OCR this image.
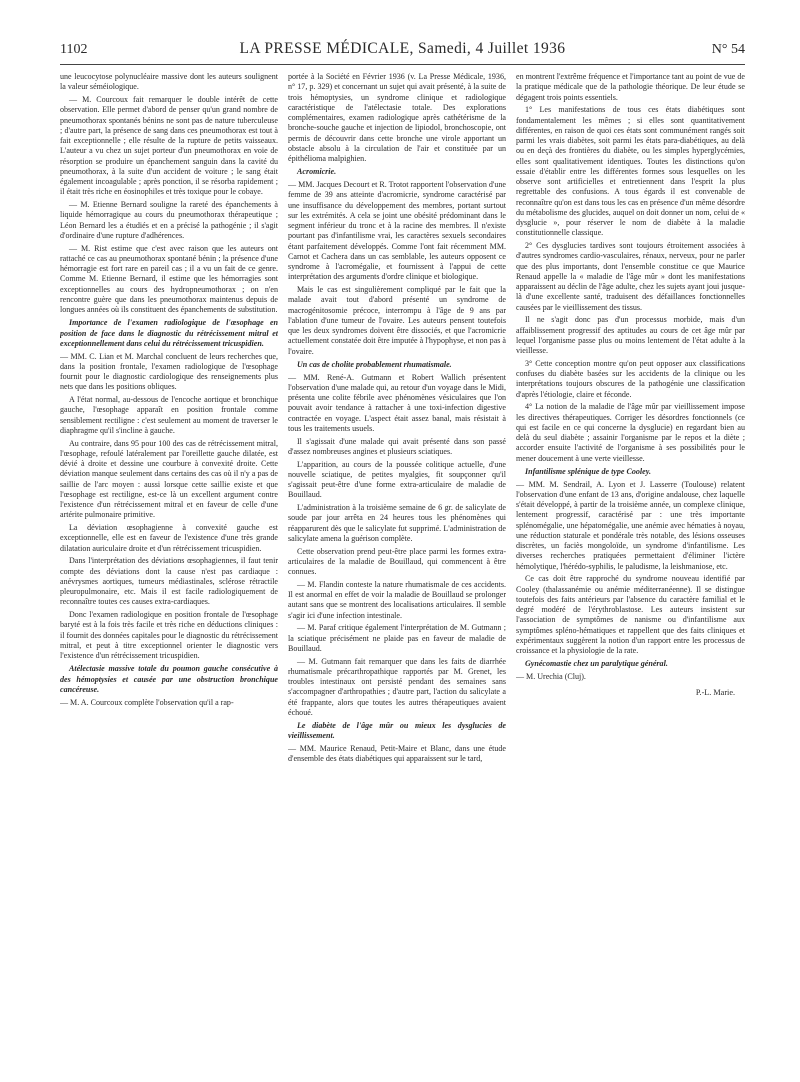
1102	LA PRESSE MÉDICALE, Samedi, 4 Juillet 1936	N° 54

une leucocytose polynucléaire massive dont les auteurs soulignent la valeur séméiologique.

— M. Courcoux fait remarquer le double intérêt de cette observation. Elle permet d'abord de penser qu'un grand nombre de pneumothorax spontanés bénins ne sont pas de nature tuberculeuse ; d'autre part, la présence de sang dans ces pneumothorax est tout à fait exceptionnelle ; elle résulte de la rupture de petits vaisseaux. L'auteur a vu chez un sujet porteur d'un pneumothorax en voie de résorption se produire un épanchement sanguin dans la cavité du pneumothorax, à la suite d'un accident de voiture ; le sang était également incoagulable ; après ponction, il se résorba rapidement ; il était très riche en éosinophiles et très toxique pour le cobaye.

— M. Etienne Bernard souligne la rareté des épanchements à liquide hémorragique au cours du pneumothorax thérapeutique ; Léon Bernard les a étudiés et en a précisé la pathogénie ; il s'agit d'ordinaire d'une rupture d'adhérences.

— M. Rist estime que c'est avec raison que les auteurs ont rattaché ce cas au pneumothorax spontané bénin ; la présence d'une hémorragie est fort rare en pareil cas ; il a vu un fait de ce genre. Comme M. Etienne Bernard, il estime que les hémorragies sont exceptionnelles au cours des hydropneumothorax ; on n'en rencontre guère que dans les pneumothorax maintenus depuis de longues années où ils constituent des épanchements de substitution.

Importance de l'examen radiologique de l'œsophage en position de face dans le diagnostic du rétrécissement mitral et exceptionnellement dans celui du rétrécissement tricuspidien.

— MM. C. Lian et M. Marchal concluent de leurs recherches que, dans la position frontale, l'examen radiologique de l'œsophage fournit pour le diagnostic cardiologique des renseignements plus nets que dans les positions obliques.

A l'état normal, au-dessous de l'encoche aortique et bronchique gauche, l'œsophage apparaît en position frontale comme sensiblement rectiligne : c'est seulement au moment de traverser le diaphragme qu'il s'incline à gauche.

Au contraire, dans 95 pour 100 des cas de rétrécissement mitral, l'œsophage, refoulé latéralement par l'oreillette gauche dilatée, est dévié à droite et dessine une courbure à convexité droite. Cette déviation manque seulement dans certains des cas où il n'y a pas de saillie de l'arc moyen : aussi lorsque cette saillie existe et que l'œsophage est rectiligne, est-ce là un excellent argument contre l'existence d'un rétrécissement mitral et en faveur de celle d'une artérite pulmonaire primitive.

La déviation œsophagienne à convexité gauche est exceptionnelle, elle est en faveur de l'existence d'une très grande dilatation auriculaire droite et d'un rétrécissement tricuspidien.

Dans l'interprétation des déviations œsophagiennes, il faut tenir compte des déviations dont la cause n'est pas cardiaque : anévrysmes aortiques, tumeurs médiastinales, sclérose rétractile pleuropulmonaire, etc. Mais il est facile radiologiquement de reconnaître toutes ces causes extra-cardiaques.

Donc l'examen radiologique en position frontale de l'œsophage baryté est à la fois très facile et très riche en déductions cliniques : il fournit des données capitales pour le diagnostic du rétrécissement mitral, et peut à titre exceptionnel orienter le diagnostic vers l'existence d'un rétrécissement tricuspidien.

Atélectasie massive totale du poumon gauche consécutive à des hémoptysies et causée par une obstruction bronchique cancéreuse.

— M. A. Courcoux complète l'observation qu'il a rap-

portée à la Société en Février 1936 (v. La Presse Médicale, 1936, n° 17, p. 329) et concernant un sujet qui avait présenté, à la suite de trois hémoptysies, un syndrome clinique et radiologique caractéristique de l'atélectasie totale. Des explorations complémentaires, examen radiologique après cathétérisme de la bronche-souche gauche et injection de lipiodol, bronchoscopie, ont permis de découvrir dans cette bronche une virole apportant un obstacle absolu à la circulation de l'air et constituée par un épithélioma malpighien.

Acromicrie.

— MM. Jacques Decourt et R. Trotot rapportent l'observation d'une femme de 39 ans atteinte d'acromicrie, syndrome caractérisé par une insuffisance du développement des membres, portant surtout sur les extrémités. A cela se joint une obésité prédominant dans le segment inférieur du tronc et à la racine des membres. Il n'existe pourtant pas d'infantilisme vrai, les caractères sexuels secondaires étant parfaitement développés. Comme l'ont fait récemment MM. Carnot et Cachera dans un cas semblable, les auteurs opposent ce syndrome à l'acromégalie, et fournissent à l'appui de cette interprétation des arguments d'ordre clinique et biologique.

Mais le cas est singulièrement compliqué par le fait que la malade avait tout d'abord présenté un syndrome de macrogénitosomie précoce, interrompu à l'âge de 9 ans par l'ablation d'une tumeur de l'ovaire. Les auteurs pensent toutefois que les deux syndromes doivent être dissociés, et que l'acromicrie actuellement constatée doit être imputée à l'hypophyse, et non pas à l'ovaire.

Un cas de cholite probablement rhumatismale.

— MM. René-A. Gutmann et Robert Wallich présentent l'observation d'une malade qui, au retour d'un voyage dans le Midi, présenta une colite fébrile avec phénomènes vésiculaires que l'on pouvait avoir tendance à rattacher à une toxi-infection digestive contractée en voyage. L'aspect était assez banal, mais résistait à tous les traitements usuels.

Il s'agissait d'une malade qui avait présenté dans son passé d'assez nombreuses angines et plusieurs sciatiques.

L'apparition, au cours de la poussée colitique actuelle, d'une nouvelle sciatique, de petites myalgies, fit soupçonner qu'il s'agissait peut-être d'une forme extra-articulaire de maladie de Bouillaud.

L'administration à la troisième semaine de 6 gr. de salicylate de soude par jour arrêta en 24 heures tous les phénomènes qui réapparurent dès que le salicylate fut supprimé. L'administration de salicylate amena la guérison complète.

Cette observation prend peut-être place parmi les formes extra-articulaires de la maladie de Bouillaud, qui commencent à être connues.

— M. Flandin conteste la nature rhumatismale de ces accidents. Il est anormal en effet de voir la maladie de Bouillaud se prolonger autant sans que se montrent des localisations articulaires. Il semble s'agir ici d'une infection intestinale.

— M. Paraf critique également l'interprétation de M. Gutmann ; la sciatique précisément ne plaide pas en faveur de maladie de Bouillaud.

— M. Gutmann fait remarquer que dans les faits de diarrhée rhumatismale précarthropathique rapportés par M. Grenet, les troubles intestinaux ont persisté pendant des semaines sans s'accompagner d'arthropathies ; d'autre part, l'action du salicylate a été frappante, alors que toutes les autres thérapeutiques avaient échoué.

Le diabète de l'âge mûr ou mieux les dysglucies de vieillissement.

— MM. Maurice Renaud, Petit-Maire et Blanc, dans une étude d'ensemble des états diabétiques qui apparaissent sur le tard,

en montrent l'extrême fréquence et l'importance tant au point de vue de la pratique médicale que de la pathologie théorique. De leur étude se dégagent trois points essentiels.

1° Les manifestations de tous ces états diabétiques sont fondamentalement les mêmes ; si elles sont quantitativement différentes, en raison de quoi ces états sont communément rangés soit parmi les vrais diabètes, soit parmi les états para-diabétiques, au delà ou en deçà des frontières du diabète, ou les simples hyperglycémies, elles sont qualitativement identiques. Toutes les distinctions qu'on essaie d'établir entre les différentes formes sous lesquelles on les observe sont artificielles et entretiennent dans l'esprit la plus regrettable des confusions. A tous égards il est convenable de reconnaître qu'on est dans tous les cas en présence d'un même désordre du métabolisme des glucides, auquel on doit donner un nom, celui de « dysglucie », pour réserver le nom de diabète à la maladie constitutionnelle classique.

2° Ces dysglucies tardives sont toujours étroitement associées à d'autres syndromes cardio-vasculaires, rénaux, nerveux, pour ne parler que des plus importants, dont l'ensemble constitue ce que Maurice Renaud appelle la « maladie de l'âge mûr » dont les manifestations apparaissent au déclin de l'âge adulte, chez les sujets ayant joui jusque-là d'une excellente santé, traduisent des défaillances fonctionnelles causées par le vieillissement des tissus.

Il ne s'agit donc pas d'un processus morbide, mais d'un affaiblissement progressif des aptitudes au cours de cet âge mûr par lequel l'organisme passe plus ou moins lentement de l'état adulte à la vieillesse.

3° Cette conception montre qu'on peut opposer aux classifications confuses du diabète basées sur les accidents de la clinique ou les interprétations toujours obscures de la pathogénie une classification d'après l'étiologie, claire et féconde.

4° La notion de la maladie de l'âge mûr par vieillissement impose les directives thérapeutiques. Corriger les désordres fonctionnels (ce qui est facile en ce qui concerne la dysglucie) en regardant bien au delà du seul diabète ; assainir l'organisme par le repos et la diète ; accorder ensuite l'activité de l'organisme à ses possibilités pour le mener doucement à une verte vieillesse.

Infantilisme splénique de type Cooley.

— MM. M. Sendrail, A. Lyon et J. Lasserre (Toulouse) relatent l'observation d'une enfant de 13 ans, d'origine andalouse, chez laquelle s'était développé, à partir de la troisième année, un complexe clinique, lentement progressif, caractérisé par : une très importante splénomégalie, une hépatomégalie, une anémie avec hématies à noyau, une réduction staturale et pondérale très notable, des lésions osseuses discrètes, un faciès mongoloïde, un syndrome d'infantilisme. Les diverses recherches pratiquées permettaient d'éliminer l'ictère hémolytique, l'hérédo-syphilis, le paludisme, la leishmaniose, etc.

Ce cas doit être rapproché du syndrome nouveau identifié par Cooley (thalassanémie ou anémie méditerranéenne). Il se distingue toutefois des faits antérieurs par l'absence du caractère familial et le degré modéré de l'érythroblastose. Les auteurs insistent sur l'association de symptômes de nanisme ou d'infantilisme aux symptômes spléno-hématiques et rappellent que des faits cliniques et expérimentaux suggèrent la notion d'un rapport entre les processus de croissance et la physiologie de la rate.

Gynécomastie chez un paralytique général.

— M. Urechia (Cluj).

P.-L. Marie.
